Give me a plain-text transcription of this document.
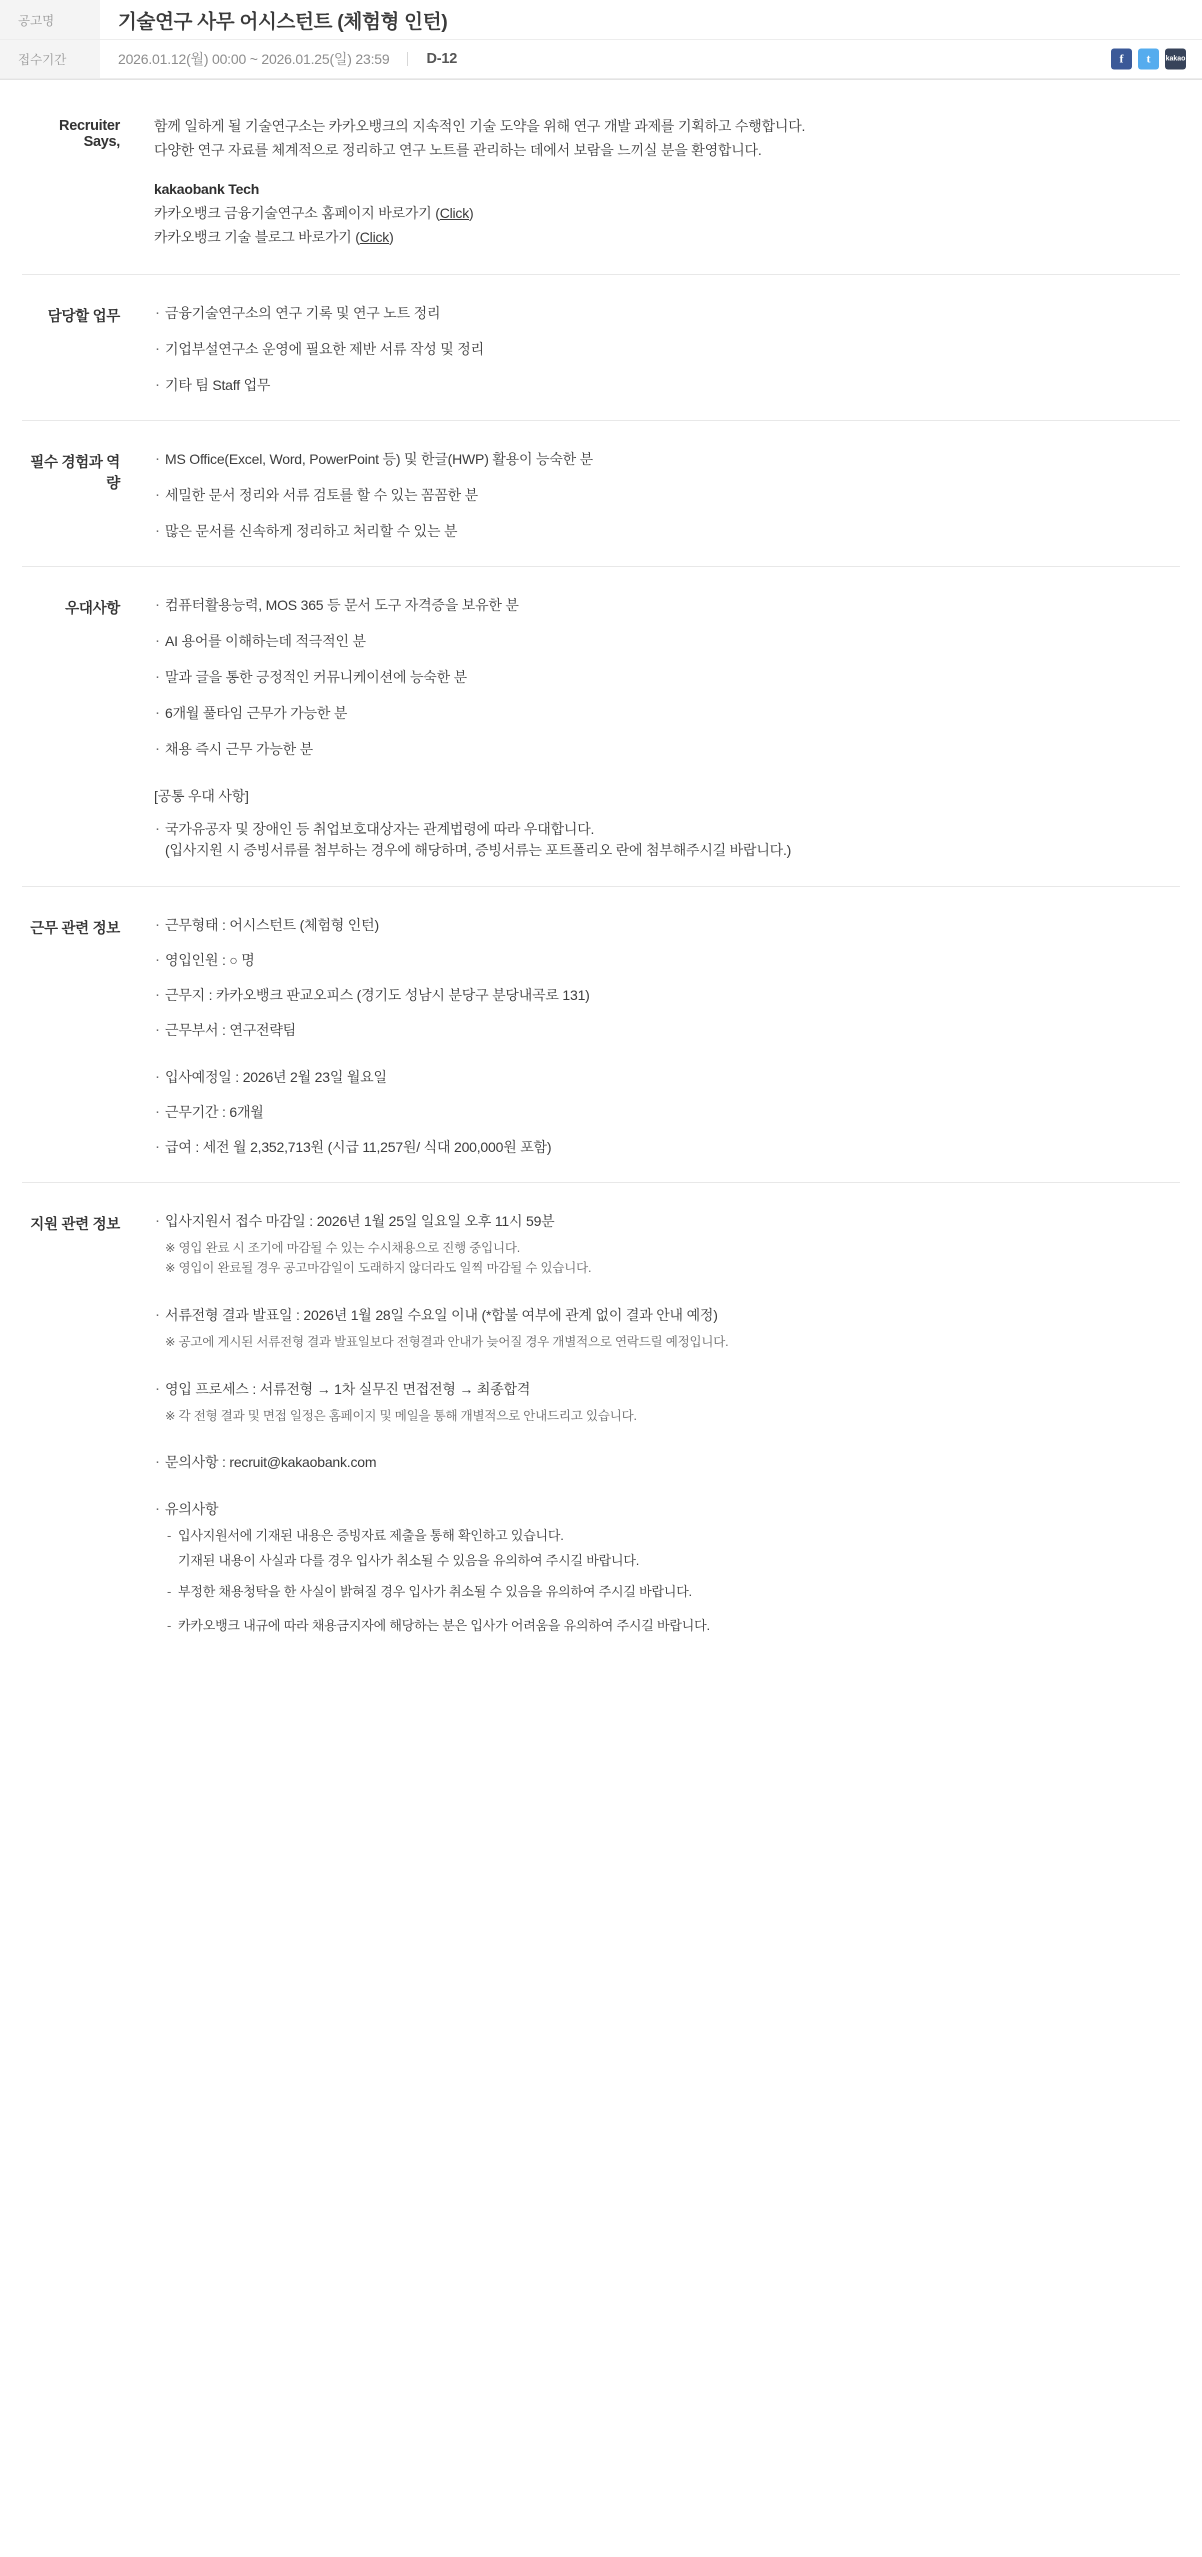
공고명	기술연구 사무 어시스턴트 (체험형 인턴)
접수기간	2026.01.12(월) 00:00 ~ 2026.01.25(일) 23:59	D-12	f	t	kakao
Recruiter Says,

함께 일하게 될 기술연구소는 카카오뱅크의 지속적인 기술 도약을 위해 연구 개발 과제를 기획하고 수행합니다.

다양한 연구 자료를 체계적으로 정리하고 연구 노트를 관리하는 데에서 보람을 느끼실 분을 환영합니다.

kakaobank Tech

카카오뱅크 금융기술연구소 홈페이지 바로가기 (Click)

카카오뱅크 기술 블로그 바로가기 (Click)

담당할 업무	· 금융기술연구소의 연구 기록 및 연구 노트 정리
· 기업부설연구소 운영에 필요한 제반 서류 작성 및 정리
· 기타 팀 Staff 업무
필수 경험과 역량
· MS Office(Excel, Word, PowerPoint 등) 및 한글(HWP) 활용이 능숙한 분
· 세밀한 문서 정리와 서류 검토를 할 수 있는 꼼꼼한 분
· 많은 문서를 신속하게 정리하고 처리할 수 있는 분
우대사항	· 컴퓨터활용능력, MOS 365 등 문서 도구 자격증을 보유한 분
· AI 용어를 이해하는데 적극적인 분
· 말과 글을 통한 긍정적인 커뮤니케이션에 능숙한 분
· 6개월 풀타임 근무가 가능한 분
· 채용 즉시 근무 가능한 분

[공통 우대 사항]

· 국가유공자 및 장애인 등 취업보호대상자는 관계법령에 따라 우대합니다.
(입사지원 시 증빙서류를 첨부하는 경우에 해당하며, 증빙서류는 포트폴리오 란에 첨부해주시길 바랍니다.)
근무 관련 정보	· 근무형태 : 어시스턴트 (체험형 인턴)
· 영입인원 : ○ 명
· 근무지 : 카카오뱅크 판교오피스 (경기도 성남시 분당구 분당내곡로 131)
· 근무부서 : 연구전략팀
· 입사예정일 : 2026년 2월 23일 월요일
· 근무기간 : 6개월
· 급여 : 세전 월 2,352,713원 (시급 11,257원/ 식대 200,000원 포함)
지원 관련 정보	· 입사지원서 접수 마감일 : 2026년 1월 25일 일요일 오후 11시 59분

※ 영입 완료 시 조기에 마감될 수 있는 수시채용으로 진행 중입니다.

※ 영입이 완료될 경우 공고마감일이 도래하지 않더라도 일찍 마감될 수 있습니다.

· 서류전형 결과 발표일 : 2026년 1월 28일 수요일 이내 (*합불 여부에 관계 없이 결과 안내 예정)

※ 공고에 게시된 서류전형 결과 발표일보다 전형결과 안내가 늦어질 경우 개별적으로 연락드릴 예정입니다.

· 영입 프로세스 : 서류전형 → 1차 실무진 면접전형 → 최종합격

※ 각 전형 결과 및 면접 일정은 홈페이지 및 메일을 통해 개별적으로 안내드리고 있습니다.

· 문의사항 : recruit@kakaobank.com
· 유의사항
- 입사지원서에 기재된 내용은 증빙자료 제출을 통해 확인하고 있습니다.
기재된 내용이 사실과 다를 경우 입사가 취소될 수 있음을 유의하여 주시길 바랍니다.
- 부정한 채용청탁을 한 사실이 밝혀질 경우 입사가 취소될 수 있음을 유의하여 주시길 바랍니다.
- 카카오뱅크 내규에 따라 채용금지자에 해당하는 분은 입사가 어려움을 유의하여 주시길 바랍니다.
